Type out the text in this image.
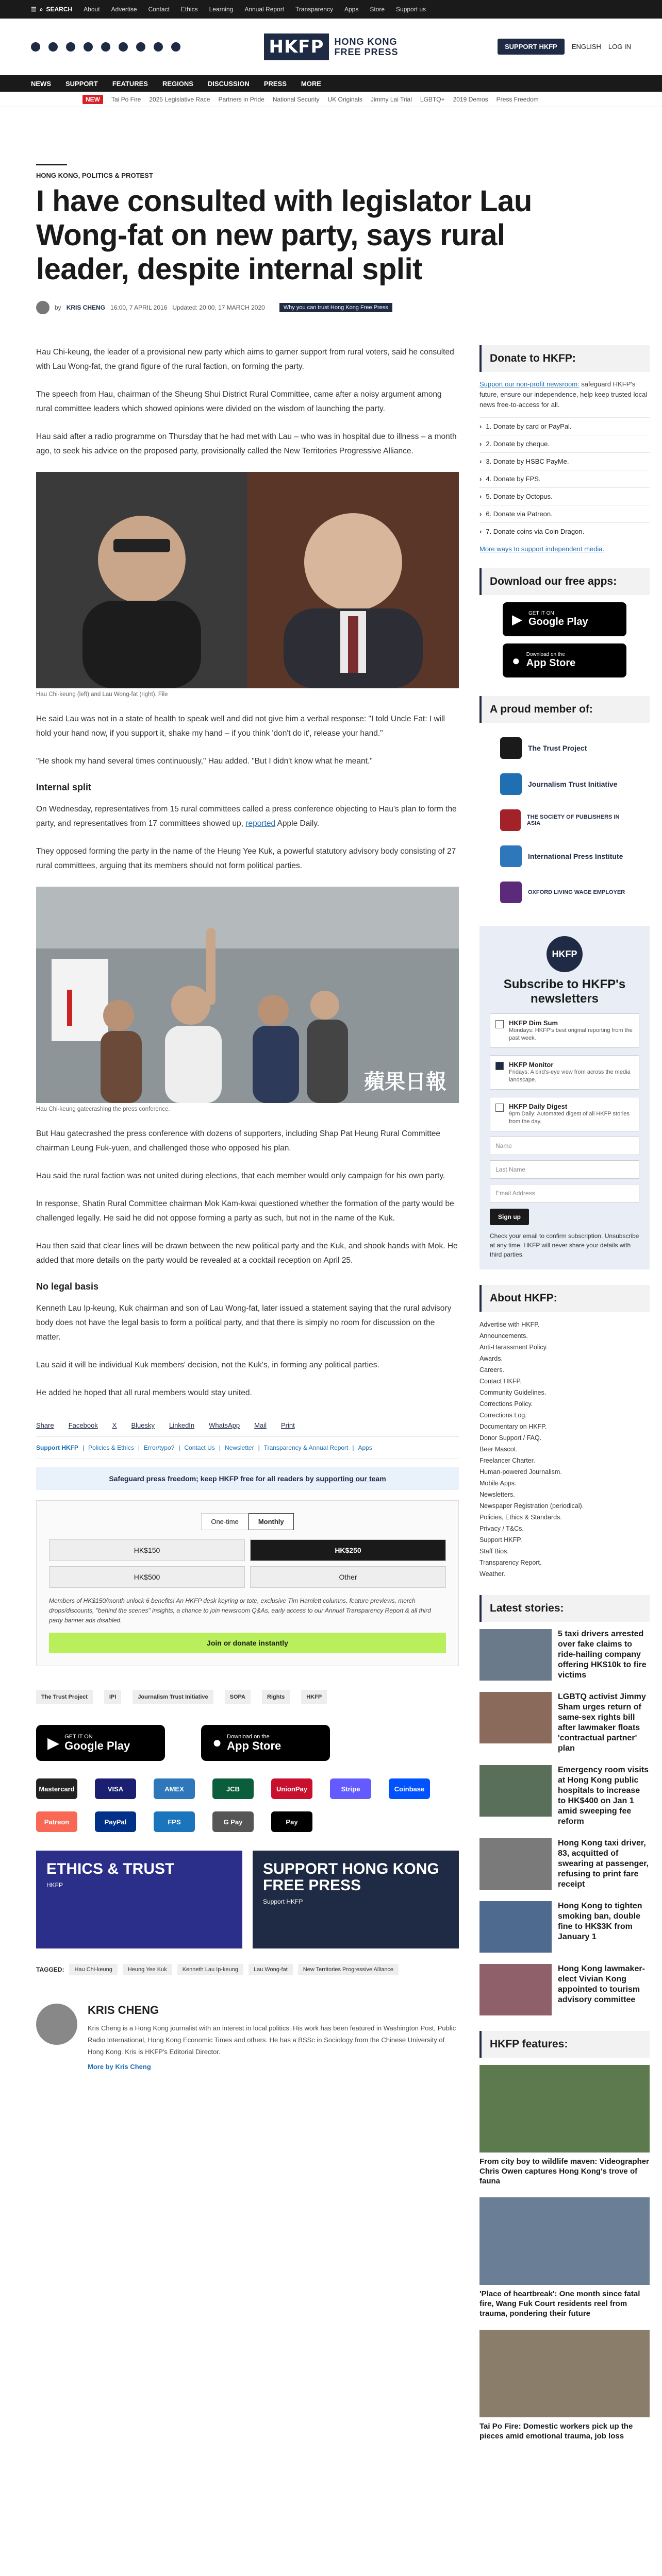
☰ ⌕ SEARCH About Advertise Contact Ethics Learning Annual Report Transparency Apps Store Support us
HKFP	HONG KONG
FREE PRESS	SUPPORT HKFP	ENGLISH LOG IN
NEWS SUPPORT FEATURES REGIONS DISCUSSION PRESS MORE
NEW	Tai Po Fire 2025 Legislative Race Partners in Pride National Security UK Originals Jimmy Lai Trial LGBTQ+ 2019 Demos Press Freedom
HONG KONG, POLITICS & PROTEST
I have consulted with legislator Lau Wong-fat on new party, says rural leader, despite internal split
by KRIS CHENG 16:00, 7 APRIL 2016 Updated: 20:00, 17 MARCH 2020	Why you can trust Hong Kong Free Press

Hau Chi-keung, the leader of a provisional new party which aims to garner support from rural voters, said he consulted with Lau Wong-fat, the grand figure of the rural faction, on forming the party.

The speech from Hau, chairman of the Sheung Shui District Rural Committee, came after a noisy argument among rural committee leaders which showed opinions were divided on the wisdom of launching the party.

Hau said after a radio programme on Thursday that he had met with Lau – who was in hospital due to illness – a month ago, to seek his advice on the proposed party, provisionally called the New Territories Progressive Alliance.

Hau Chi-keung (left) and Lau Wong-fat (right). File

He said Lau was not in a state of health to speak well and did not give him a verbal response: "I told Uncle Fat: I will hold your hand now, if you support it, shake my hand – if you think 'don't do it', release your hand."

"He shook my hand several times continuously," Hau added. "But I didn't know what he meant."

Internal split

On Wednesday, representatives from 15 rural committees called a press conference objecting to Hau's plan to form the party, and representatives from 17 committees showed up, reported Apple Daily.

They opposed forming the party in the name of the Heung Yee Kuk, a powerful statutory advisory body consisting of 27 rural committees, arguing that its members should not form political parties.

蘋果日報
Hau Chi-keung gatecrashing the press conference.

But Hau gatecrashed the press conference with dozens of supporters, including Shap Pat Heung Rural Committee chairman Leung Fuk-yuen, and challenged those who opposed his plan.

Hau said the rural faction was not united during elections, that each member would only campaign for his own party.

In response, Shatin Rural Committee chairman Mok Kam-kwai questioned whether the formation of the party would be challenged legally. He said he did not oppose forming a party as such, but not in the name of the Kuk.

Hau then said that clear lines will be drawn between the new political party and the Kuk, and shook hands with Mok. He added that more details on the party would be revealed at a cocktail reception on April 25.

No legal basis

Kenneth Lau Ip-keung, Kuk chairman and son of Lau Wong-fat, later issued a statement saying that the rural advisory body does not have the legal basis to form a political party, and that there is simply no room for discussion on the matter.

Lau said it will be individual Kuk members' decision, not the Kuk's, in forming any political parties.

He added he hoped that all rural members would stay united.

Share Facebook X Bluesky LinkedIn WhatsApp Mail Print
Support HKFP | Policies & Ethics | Error/typo? | Contact Us | Newsletter | Transparency & Annual Report | Apps
Safeguard press freedom; keep HKFP free for all readers by supporting our team
One-time	Monthly
HK$150	HK$250
HK$500	Other
Members of HK$150/month unlock 6 benefits! An HKFP desk keyring or tote, exclusive Tim Hamlett columns, feature previews, merch drops/discounts, "behind the scenes" insights, a chance to join newsroom Q&As, early access to our Annual Transparency Report & all third party banner ads disabled.
Join or donate instantly
The Trust Project	IPI	Journalism Trust Initiative	SOPA	Rights	HKFP
▶ GET IT ON
Google Play	● Download on the
App Store
Mastercard	VISA	AMEX	JCB	UnionPay	Stripe	Coinbase
Patreon	PayPal	FPS	G Pay	Pay
ETHICS & TRUST
HKFP
SUPPORT HONG KONG FREE PRESS
Support HKFP
TAGGED:	Hau Chi-keung	Heung Yee Kuk	Kenneth Lau Ip-keung	Lau Wong-fat	New Territories Progressive Alliance
KRIS CHENG
Kris Cheng is a Hong Kong journalist with an interest in local politics. His work has been featured in Washington Post, Public Radio International, Hong Kong Economic Times and others. He has a BSSc in Sociology from the Chinese University of Hong Kong. Kris is HKFP's Editorial Director.
More by Kris Cheng
Donate to HKFP:
Support our non-profit newsroom: safeguard HKFP's future, ensure our independence, help keep trusted local news free-to-access for all.
› 1. Donate by card or PayPal.
› 2. Donate by cheque.
› 3. Donate by HSBC PayMe.
› 4. Donate by FPS.
› 5. Donate by Octopus.
› 6. Donate via Patreon.
› 7. Donate coins via Coin Dragon.
More ways to support independent media.
Download our free apps:
▶ GET IT ON
Google Play
● Download on the
App Store
A proud member of:
The Trust Project
Journalism Trust Initiative
THE SOCIETY OF PUBLISHERS IN ASIA
International Press Institute
OXFORD LIVING WAGE EMPLOYER
HKFP
Subscribe to HKFP's newsletters
HKFP Dim Sum
Mondays: HKFP's best original reporting from the past week.
HKFP Monitor
Fridays: A bird's-eye view from across the media landscape.
HKFP Daily Digest
9pm Daily: Automated digest of all HKFP stories from the day.
Name
Last Name
Email Address
Sign up
Check your email to confirm subscription. Unsubscribe at any time. HKFP will never share your details with third parties.
About HKFP:
Advertise with HKFP.
Announcements.
Anti-Harassment Policy.
Awards.
Careers.
Contact HKFP.
Community Guidelines.
Corrections Policy.
Corrections Log.
Documentary on HKFP.
Donor Support / FAQ.
Beer Mascot.
Freelancer Charter.
Human-powered Journalism.
Mobile Apps.
Newsletters.
Newspaper Registration (periodical).
Policies, Ethics & Standards.
Privacy / T&Cs.
Support HKFP.
Staff Bios.
Transparency Report.
Weather.
Latest stories:
5 taxi drivers arrested over fake claims to ride-hailing company offering HK$10k to fire victims
LGBTQ activist Jimmy Sham urges return of same-sex rights bill after lawmaker floats 'contractual partner' plan
Emergency room visits at Hong Kong public hospitals to increase to HK$400 on Jan 1 amid sweeping fee reform
Hong Kong taxi driver, 83, acquitted of swearing at passenger, refusing to print fare receipt
Hong Kong to tighten smoking ban, double fine to HK$3K from January 1
Hong Kong lawmaker-elect Vivian Kong appointed to tourism advisory committee
HKFP features:
From city boy to wildlife maven: Videographer Chris Owen captures Hong Kong's trove of fauna
'Place of heartbreak': One month since fatal fire, Wang Fuk Court residents reel from trauma, pondering their future
Tai Po Fire: Domestic workers pick up the pieces amid emotional trauma, job loss
